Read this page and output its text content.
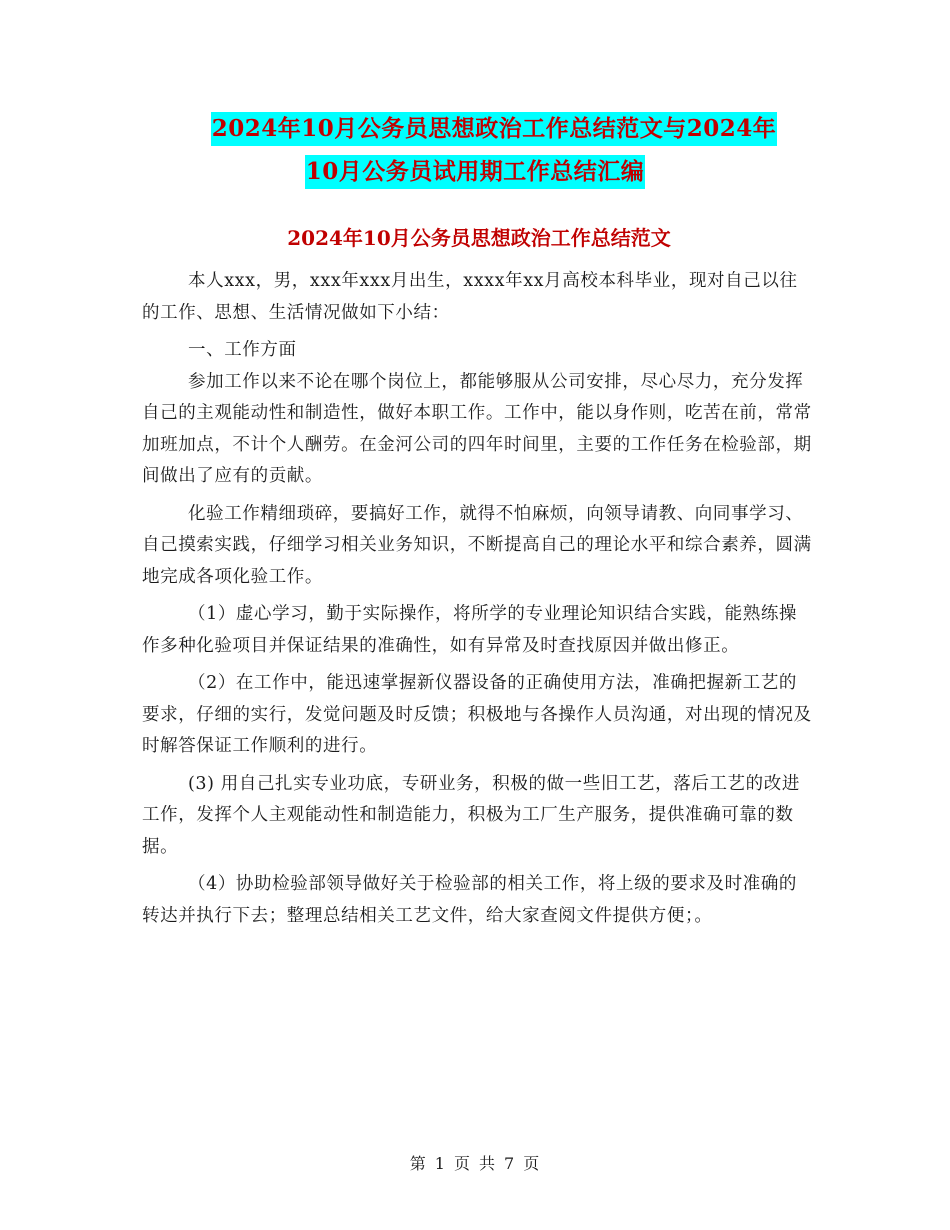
2024年10月公务员思想政治工作总结范文与2024年
10月公务员试用期工作总结汇编
2024年10月公务员思想政治工作总结范文

本人xxx，男，xxx年xxx月出生，xxxx年xx月高校本科毕业，现对自己以往的工作、思想、生活情况做如下小结：

一、工作方面

参加工作以来不论在哪个岗位上，都能够服从公司安排，尽心尽力，充分发挥自己的主观能动性和制造性，做好本职工作。工作中，能以身作则，吃苦在前，常常加班加点，不计个人酬劳。在金河公司的四年时间里，主要的工作任务在检验部，期间做出了应有的贡献。

化验工作精细琐碎，要搞好工作，就得不怕麻烦，向领导请教、向同事学习、自己摸索实践，仔细学习相关业务知识，不断提高自己的理论水平和综合素养，圆满地完成各项化验工作。

（1）虚心学习，勤于实际操作，将所学的专业理论知识结合实践，能熟练操作多种化验项目并保证结果的准确性，如有异常及时查找原因并做出修正。

（2）在工作中，能迅速掌握新仪器设备的正确使用方法，准确把握新工艺的要求，仔细的实行，发觉问题及时反馈；积极地与各操作人员沟通，对出现的情况及时解答保证工作顺利的进行。

(3) 用自己扎实专业功底，专研业务，积极的做一些旧工艺，落后工艺的改进工作，发挥个人主观能动性和制造能力，积极为工厂生产服务，提供准确可靠的数据。

（4）协助检验部领导做好关于检验部的相关工作，将上级的要求及时准确的转达并执行下去；整理总结相关工艺文件，给大家查阅文件提供方便；。

第 1 页 共 7 页
